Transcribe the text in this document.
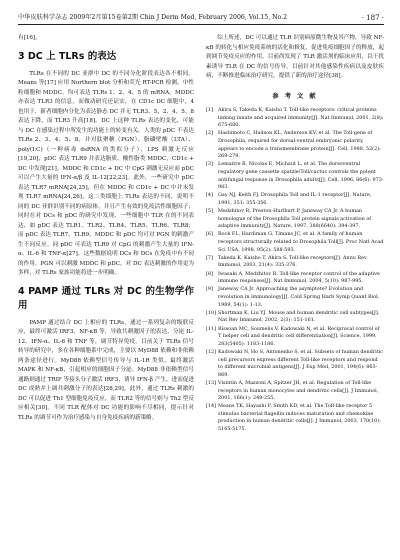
中华皮肤科学杂志 2009年2月第15卷第2期 Chin J Derm Med, February 2006, Vol.15, No.2	· 187 ·

有[16]。

3 DC 上 TLRs 的表达

TLRs 在不同的 DC 亚群中 DC 的不同分化阶段表达各不相同。Means 等[17] 应用 Northern blot 分析和荧光 RT-PCR 检测，中性粒细胞和 MDDC，均可表达 TLRs 1、2、4、5 的 mRNA，MDDC 亦表达 TLR3 的信息，而做动研究还证实，在 CD1c DC 细胞中，4 也用于，新者细胞内分化为表达静态 DC 并无 TLR3、5、2、4、5、8 表达下降，而 TLR3 升高[18]。DC 上这种 TLRs 表达的变化，可能与 DC 在感染过程中所发生的功能上的转变有关。人类的 pDC 不表达 TLRs 2、3、4、5、8，并对肽聚糖（PGN）、脂磷壁酸（LTA）、poly(I:C)（一种病毒 dsRNA 的类似分子）、LPS 刺激无反应[19,20]，pDC 表达 TLR9 并表达脂质、酸性脂类 MDDC，CD1c + DC 中发现[21]。MDDC 和 CD1c + DC 中 CpG 刺激无反应而 pDC 可以产生大量的 IFN-α/β 及 IL-12[22,23]。此外，一些研究中 pDC 表达 TLR7 mRNA[24,25]，但在 MDDC 和 CD1c + DC 中并未发现 TLR7 mRNA[24,26]，这二类细胞上 TLRs 表达的不同，说明不同的 DC 亚群识别不同的病原体，并且产生有效的免疫活性细胞因子；同时在对 DCs 和 pDC 的研究中发现，一些细胞中 TLR 在的不同表达，如 pDC 表达 TLR1、TLR2、TLR4、TLR5、TLR6、TLR8；而 pDC 表达 TLR7、TLR9。MDDC 和 pDC 均可对 PGN 的刺激产生不同反应。同 pDC 可表达 TLR9 对 CpG 的刺激产生大量的 IFN-α、IL-6 和 TNF-α[27]，这些数据说明 DCs 和 DCs 在免疫中有不同的作用。PGN 可以刺激 MDDC 和 pDC，对 DC 表达刺激的作用更为多样，对 TLRs 家族功能将进一步明确。

4 PAMP 通过 TLRs 对 DC 的生物学作用

PAMP 通过结合 DC 上相应的 TLRs，通过一系列复杂的级联反应，最终可激活 IRF3、NF-κB 等，导致共刺激因子的表达，分泌 IL-12、IFN-α、IL-6 和 TNF 等，调节特异免疫。目前关于 TLRs 信号转导的研究中，多在各种细胞系中完成，主要以 MyD88 依赖和非依赖两条途径进行。MyD88 依赖型信号传导与 IL-1R 类似，最终激活 MAPK 和 NF-κB，引起相应的细胞因子分泌。MyD88 非依赖型信号通路则通过 TRIF 等接头分子激活 IRF3，诱导 IFN-β 产生，进而促进 DC 成熟并上调共刺激分子的表达[28,29]。此外，通过 TLRs 刺激的 DC 可以促进 Th1 型细胞免疫反应，而 TLR2 等的信号则与 Th2 型反应相关[30]。不同 TLR 配体对 DC 功能的影响不尽相同，提示针对 TLRs 的调节可作为治疗感染与自身免疫疾病的新策略。

综上所述，DC 可以通过 TLR 识别病原微生物及其产物，导致 NF-κB 的转化与相应免疫系统的活化和修复，促进免疫细胞因子的释放，起到调节免疫反应的作用。目前尚发现了 TLR 激活剂的临床应用，以干扰素诱导 TLR 在 DC 的信号传导，目前针对其他感染性疾病以及皮肤疾病，不断推进临床治疗研究，提供了新的治疗途径[38]。

参 考 文 献
[1] Akira S, Takeda K, Kaisho T. Toll-like receptors: critical proteins linking innate and acquired immunity[J]. Nat Immunol, 2001, 2(8): 675-680.
[2] Hashimoto C, Hudson KL, Anderson KV, et al. The Toll gene of Drosophila, required for dorsal-ventral embryonic polarity, appears to encode a transmembrane protein[J]. Cell, 1988, 52(2): 269-279.
[3] Lemaitre B, Nicolas E, Michaut L, et al. The dorsoventral regulatory gene cassette spatzle/Toll/cactus controls the potent antifungal response in Drosophila adults[J]. Cell, 1996, 86(6): 973-983.
[4] Gay NJ, Keith FJ. Drosophila Toll and IL-1 receptor[J]. Nature, 1991, 351: 355-356.
[5] Medzhitov R, Preston-Hurlburt P, Janeway CA Jr. A human homologue of the Drosophila Toll protein signals activation of adaptive immunity[J]. Nature, 1997, 388(6640): 394-397.
[6] Rock FL, Hardiman G, Timans JC, et al. A family of human receptors structurally related to Drosophila Toll[J]. Proc Natl Acad Sci USA, 1998, 95(2): 588-593.
[7] Takeda K, Kaisho T, Akira S. Toll-like receptors[J]. Annu Rev Immunol, 2003, 21(4): 335-376.
[8] Iwasaki A, Medzhitov R. Toll-like receptor control of the adaptive immune responses[J]. Nat Immunol, 2004, 5(10): 987-995.
[9] Janeway CA Jr. Approaching the asymptote? Evolution and revolution in immunology[J]. Cold Spring Harb Symp Quant Biol, 1989, 54(1): 1-13.
[10] Shortman K, Liu YJ. Mouse and human dendritic cell subtypes[J]. Nat Rev Immunol, 2002, 2(3): 151-161.
[11] Rissoan MC, Soumelis V, Kadowaki N, et al. Reciprocal control of T helper cell and dendritic cell differentiation[J]. Science, 1999, 283(5405): 1183-1186.
[12] Kadowaki N, Ho S, Antonenko S, et al. Subsets of human dendritic cell precursors express different Toll-like receptors and respond to different microbial antigens[J]. J Exp Med, 2001, 194(6): 863-869.
[13] Visintin A, Mazzoni A, Spitzer JH, et al. Regulation of Toll-like receptors in human monocytes and dendritic cells[J]. J Immunol, 2001, 166(1): 249-255.
[14] Means TK, Hayashi F, Smith KD, et al. The Toll-like receptor 5 stimulus bacterial flagellin induces maturation and chemokine production in human dendritic cells[J]. J Immunol, 2003, 170(10): 5165-5175.
